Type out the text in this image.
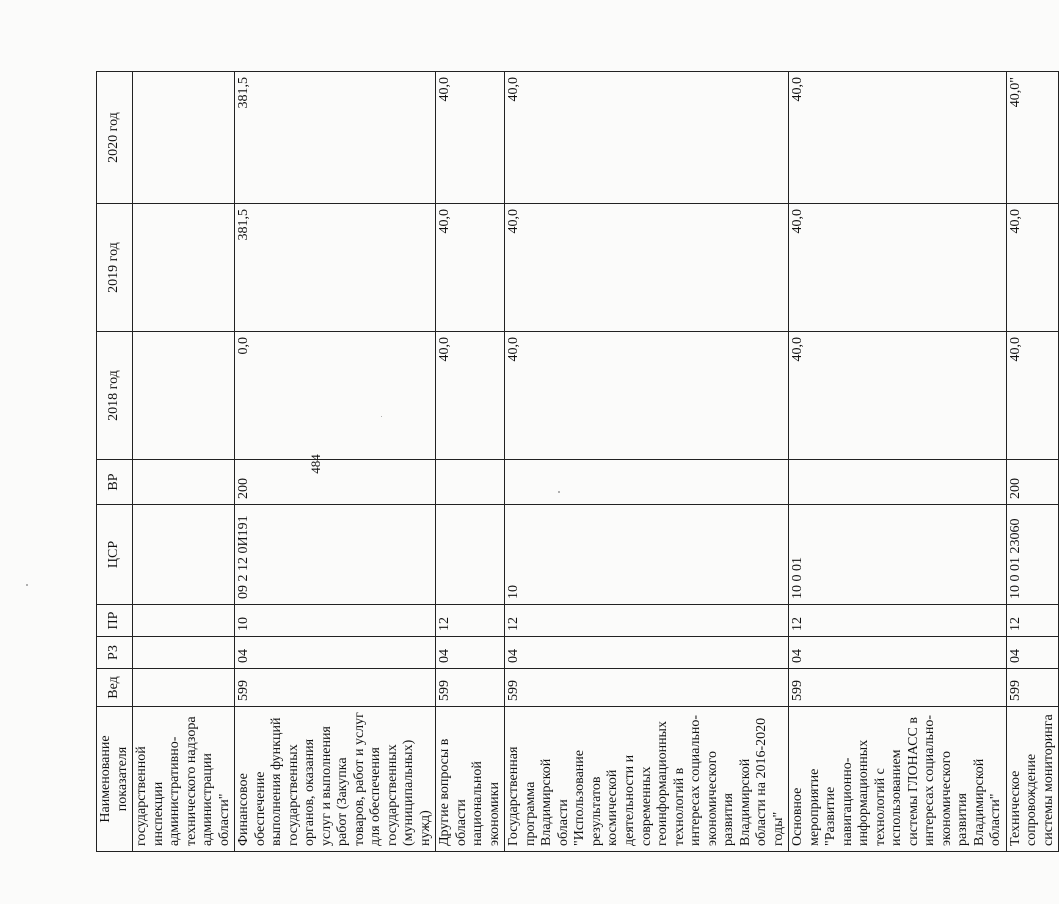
484
Наименование показателя	Вед	РЗ	ПР	ЦСР	ВР	2018 год	2019 год	2020 год
государственной инспекции административно-технического надзора администрации области"								
Финансовое обеспечение выполнения функций государственных органов, оказания услуг и выполнения работ (Закупка товаров, работ и услуг для обеспечения государственных (муниципальных) нужд)	599	04	10	09 2 12 0И191	200	0,0	381,5	381,5
Другие вопросы в области национальной экономики	599	04	12			40,0	40,0	40,0
Государственная программа Владимирской области "Использование результатов космической деятельности и современных геоинформационных технологий в интересах социально-экономического развития Владимирской области на 2016-2020 годы"	599	04	12	10		40,0	40,0	40,0
Основное мероприятие "Развитие навигационно-информационных технологий с использованием системы ГЛОНАСС в интересах социально-экономического развития Владимирской области"	599	04	12	10 0 01		40,0	40,0	40,0
Техническое сопровождение системы мониторинга	599	04	12	10 0 01 23060	200	40,0	40,0	40,0"
